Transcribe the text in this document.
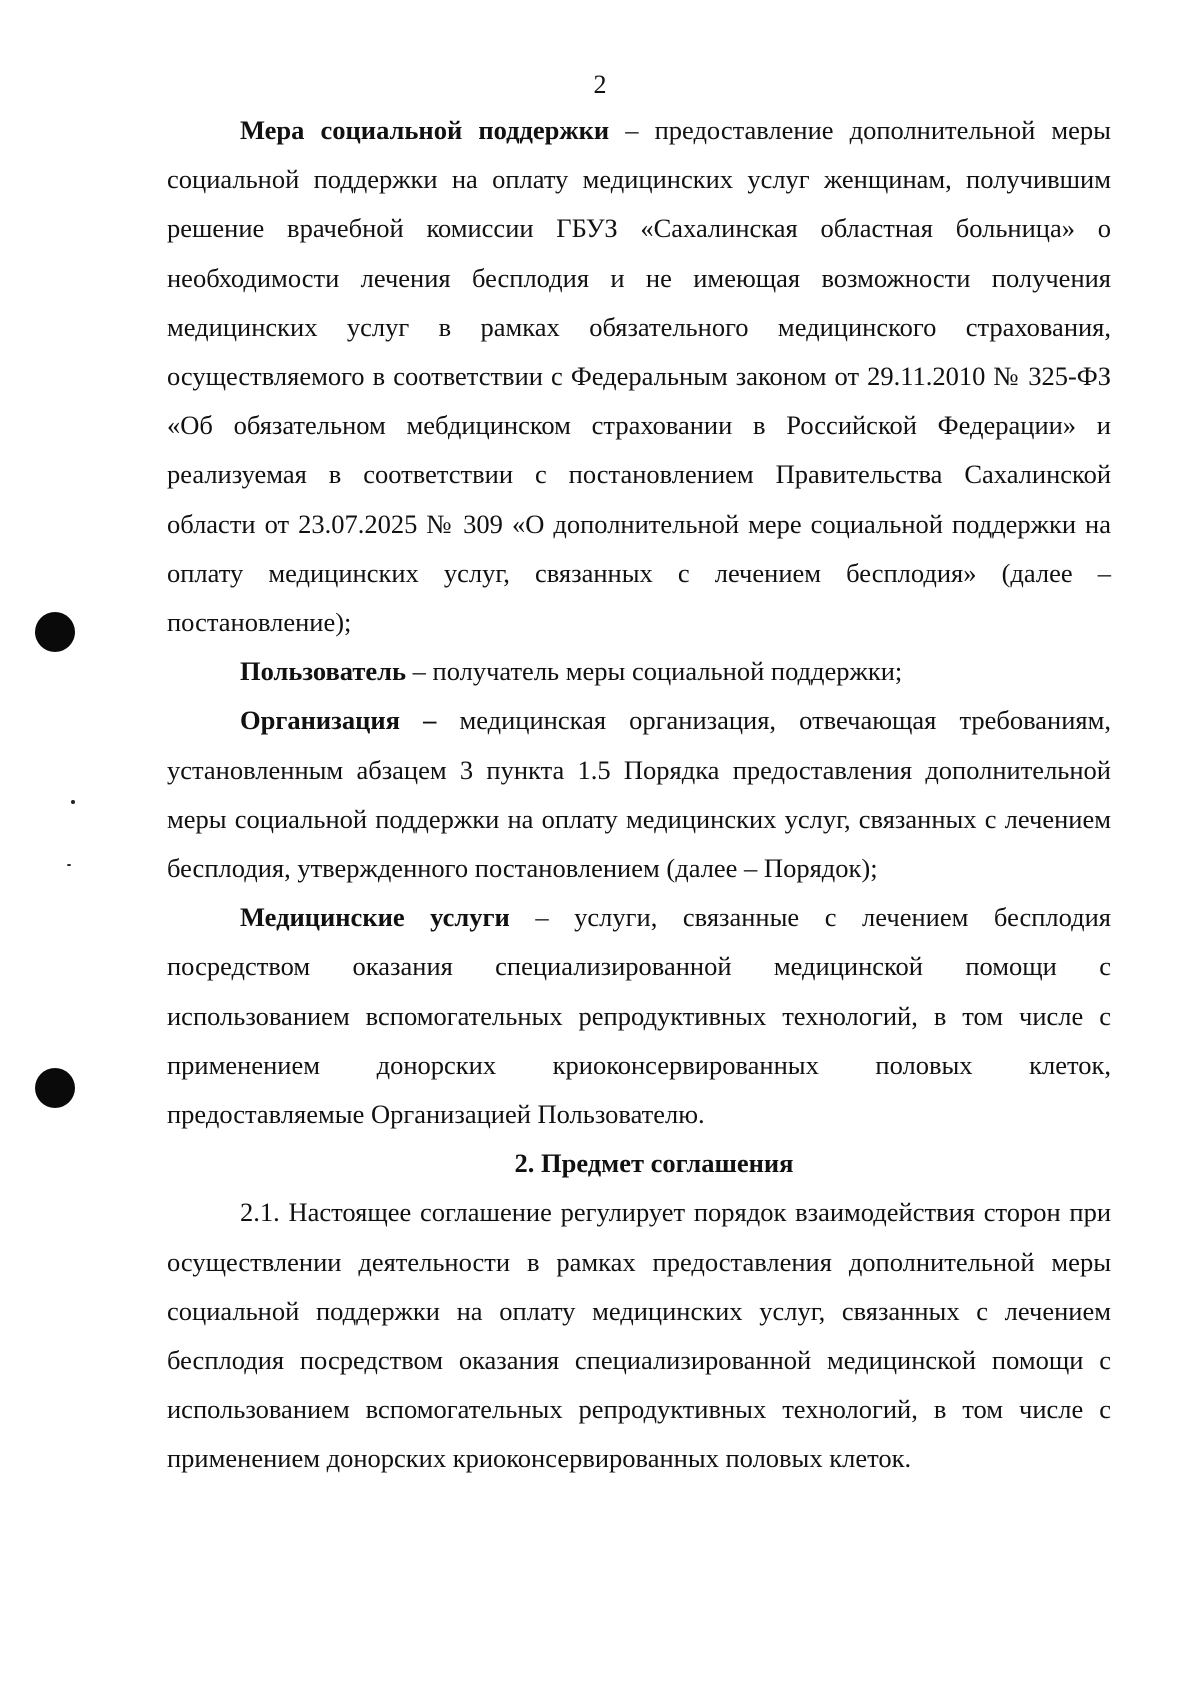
2

Мера социальной поддержки – предоставление дополнительной меры социальной поддержки на оплату медицинских услуг женщинам, получившим решение врачебной комиссии ГБУЗ «Сахалинская областная больница» о необходимости лечения бесплодия и не имеющая возможности получения медицинских услуг в рамках обязательного медицинского страхования, осуществляемого в соответствии с Федеральным законом от 29.11.2010 № 325-ФЗ «Об обязательном мебдицинском страховании в Российской Федерации» и реализуемая в соответствии с постановлением Правительства Сахалинской области от 23.07.2025 № 309 «О дополнительной мере социальной поддержки на оплату медицинских услуг, связанных с лечением бесплодия» (далее – постановление);

Пользователь – получатель меры социальной поддержки;

Организация – медицинская организация, отвечающая требованиям, установленным абзацем 3 пункта 1.5 Порядка предоставления дополнительной меры социальной поддержки на оплату медицинских услуг, связанных с лечением бесплодия, утвержденного постановлением (далее – Порядок);

Медицинские услуги – услуги, связанные с лечением бесплодия посредством оказания специализированной медицинской помощи с использованием вспомогательных репродуктивных технологий, в том числе с применением донорских криоконсервированных половых клеток, предоставляемые Организацией Пользователю.

2. Предмет соглашения

2.1. Настоящее соглашение регулирует порядок взаимодействия сторон при осуществлении деятельности в рамках предоставления дополнительной меры социальной поддержки на оплату медицинских услуг, связанных с лечением бесплодия посредством оказания специализированной медицинской помощи с использованием вспомогательных репродуктивных технологий, в том числе с применением донорских криоконсервированных половых клеток.
